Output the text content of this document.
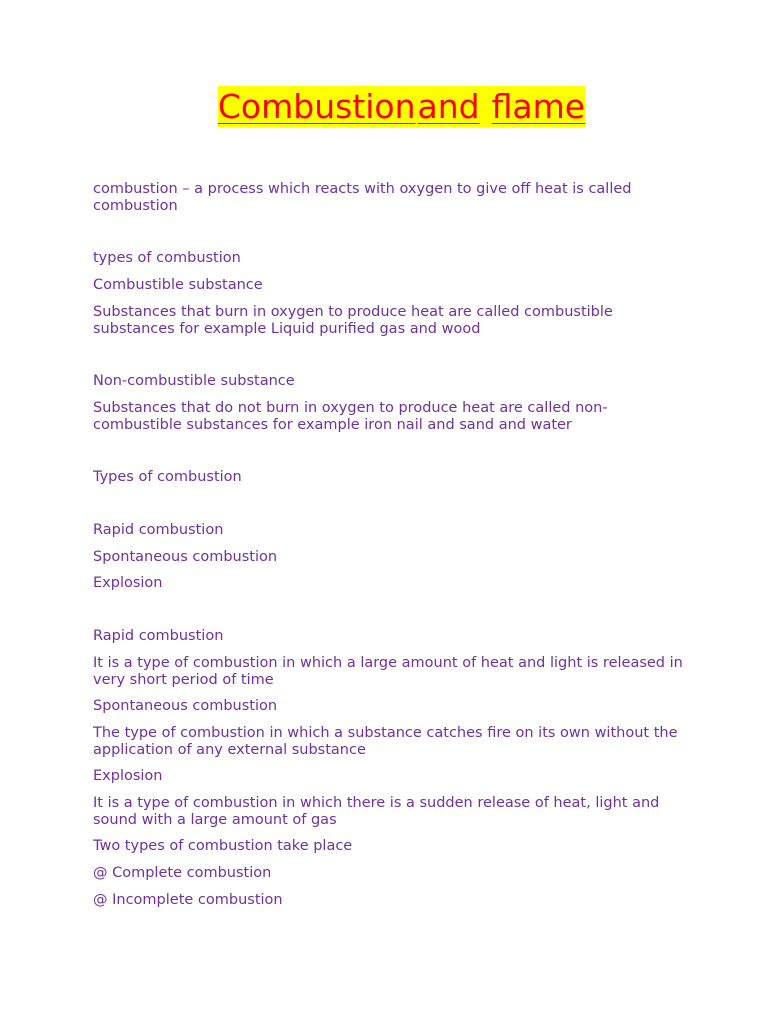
Combustionand flame

combustion – a process which reacts with oxygen to give off heat is called combustion

types of combustion

Combustible substance

Substances that burn in oxygen to produce heat are called combustible substances for example Liquid purified gas and wood

Non-combustible substance

Substances that do not burn in oxygen to produce heat are called non-combustible substances for example iron nail and sand and water

Types of combustion

Rapid combustion

Spontaneous combustion

Explosion

Rapid combustion

It is a type of combustion in which a large amount of heat and light is released in very short period of time

Spontaneous combustion

The type of combustion in which a substance catches fire on its own without the application of any external substance

Explosion

It is a type of combustion in which there is a sudden release of heat, light and sound with a large amount of gas

Two types of combustion take place

@ Complete combustion

@ Incomplete combustion
